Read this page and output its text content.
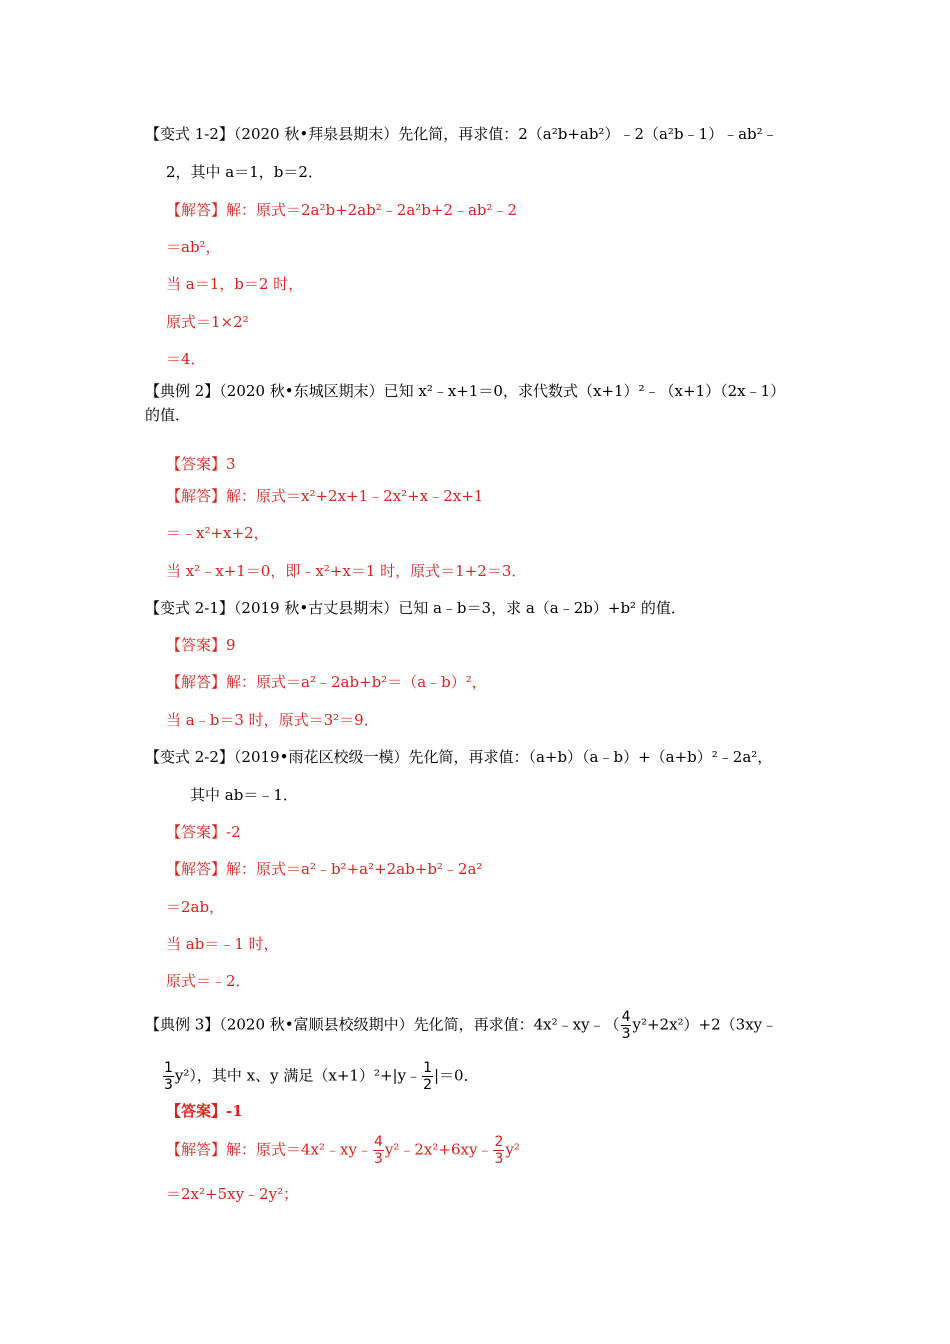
【变式 1-2】（2020 秋•拜泉县期末）先化简，再求值：2（a²b+ab²）﹣2（a²b﹣1）﹣ab²﹣
2，其中 a＝1，b＝2．
【解答】解：原式＝2a²b+2ab²﹣2a²b+2﹣ab²﹣2
＝ab²，
当 a＝1，b＝2 时，
原式＝1×2²
＝4．
【典例 2】（2020 秋•东城区期末）已知 x²﹣x+1＝0，求代数式（x+1）²﹣（x+1）（2x﹣1）
的值．
【答案】3
【解答】解：原式＝x²+2x+1﹣2x²+x﹣2x+1
＝﹣x²+x+2，
当 x²﹣x+1＝0，即﹣x²+x＝1 时，原式＝1+2＝3．
【变式 2-1】（2019 秋•古丈县期末）已知 a﹣b＝3，求 a（a﹣2b）+b² 的值．
【答案】9
【解答】解：原式＝a²﹣2ab+b²＝（a﹣b）²，
当 a﹣b＝3 时，原式＝3²＝9．
【变式 2-2】（2019•雨花区校级一模）先化简，再求值：（a+b）（a﹣b）+（a+b）²﹣2a²，
其中 ab＝﹣1．
【答案】-2
【解答】解：原式＝a²﹣b²+a²+2ab+b²﹣2a²
＝2ab，
当 ab＝﹣1 时，
原式＝﹣2．
【典例 3】（2020 秋•富顺县校级期中）先化简，再求值：4x²﹣xy﹣（ $\frac{4}{3}$ y²+2x²）+2（3xy﹣
$\frac{1}{3} y^2$），其中 x、y 满足（x+1）²+|y﹣ $\frac{1}{2} |=0$．
【答案】-1
【解答】解：原式＝4x²﹣xy﹣ $\frac{4}{3}$ y²﹣2x²+6xy﹣ $\frac{2}{3} y^2$
＝2x²+5xy﹣2y²；
